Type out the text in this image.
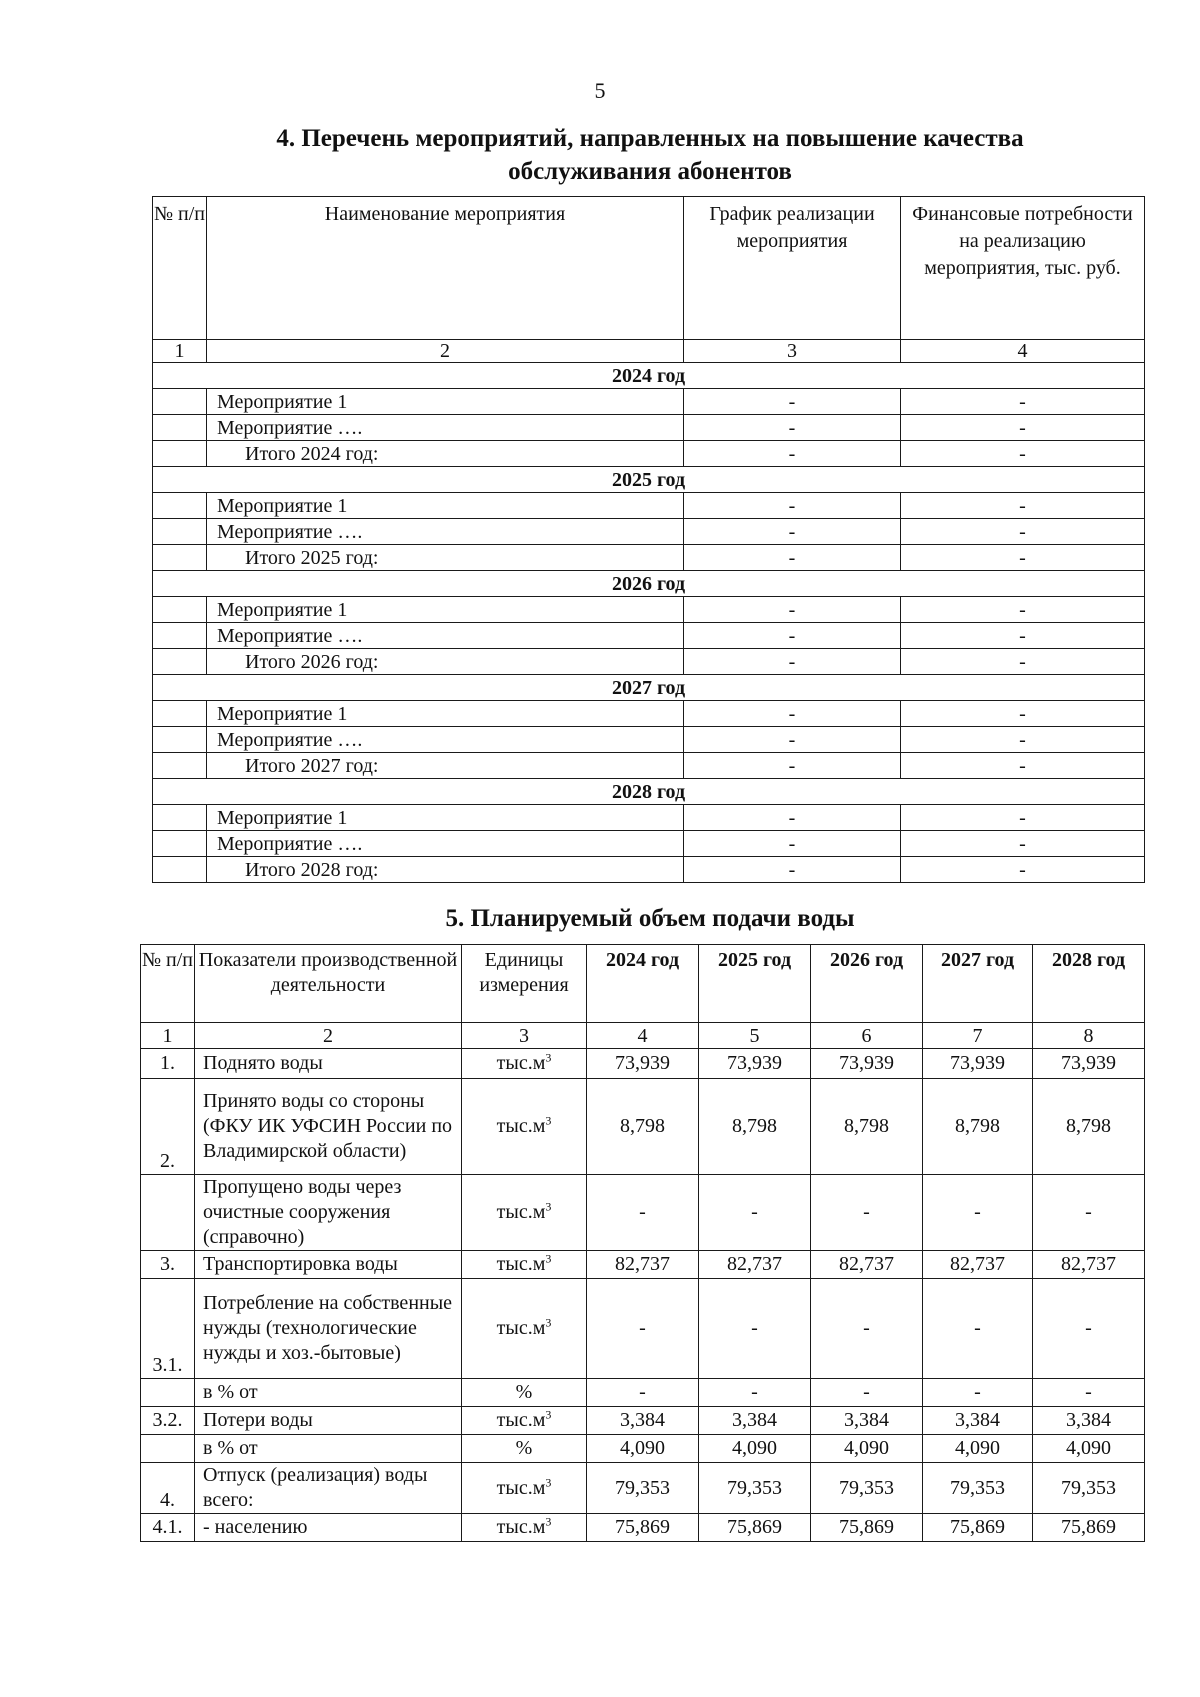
5
4. Перечень мероприятий, направленных на повышение качества
обслуживания абонентов
№ п/п	Наименование мероприятия	График реализации мероприятия	Финансовые потребности на реализацию мероприятия, тыс. руб.
1	2	3	4
2024 год			
	Мероприятие 1	-	-
	Мероприятие ….	-	-
	Итого 2024 год:	-	-
2025 год			
	Мероприятие 1	-	-
	Мероприятие ….	-	-
	Итого 2025 год:	-	-
2026 год			
	Мероприятие 1	-	-
	Мероприятие ….	-	-
	Итого 2026 год:	-	-
2027 год			
	Мероприятие 1	-	-
	Мероприятие ….	-	-
	Итого 2027 год:	-	-
2028 год			
	Мероприятие 1	-	-
	Мероприятие ….	-	-
	Итого 2028 год:	-	-
5. Планируемый объем подачи воды
№ п/п	Показатели производственной деятельности	Единицы измерения	2024 год	2025 год	2026 год	2027 год	2028 год
1	2	3	4	5	6	7	8
1.	Поднято воды	$тыс.м^3$	73,939	73,939	73,939	73,939	73,939
2.	Принято воды со стороны (ФКУ ИК УФСИН России по Владимирской области)	$тыс.м^3$	8,798	8,798	8,798	8,798	8,798
	Пропущено воды через очистные сооружения (справочно)	$тыс.м^3$	-	-	-	-	-
3.	Транспортировка воды	$тыс.м^3$	82,737	82,737	82,737	82,737	82,737
3.1.	Потребление на собственные нужды (технологические нужды и хоз.-бытовые)	$тыс.м^3$	-	-	-	-	-
	в % от	%	-	-	-	-	-
3.2.	Потери воды	$тыс.м^3$	3,384	3,384	3,384	3,384	3,384
	в % от	%	4,090	4,090	4,090	4,090	4,090
4.	Отпуск (реализация) воды всего:	$тыс.м^3$	79,353	79,353	79,353	79,353	79,353
4.1.	- населению	$тыс.м^3$	75,869	75,869	75,869	75,869	75,869
